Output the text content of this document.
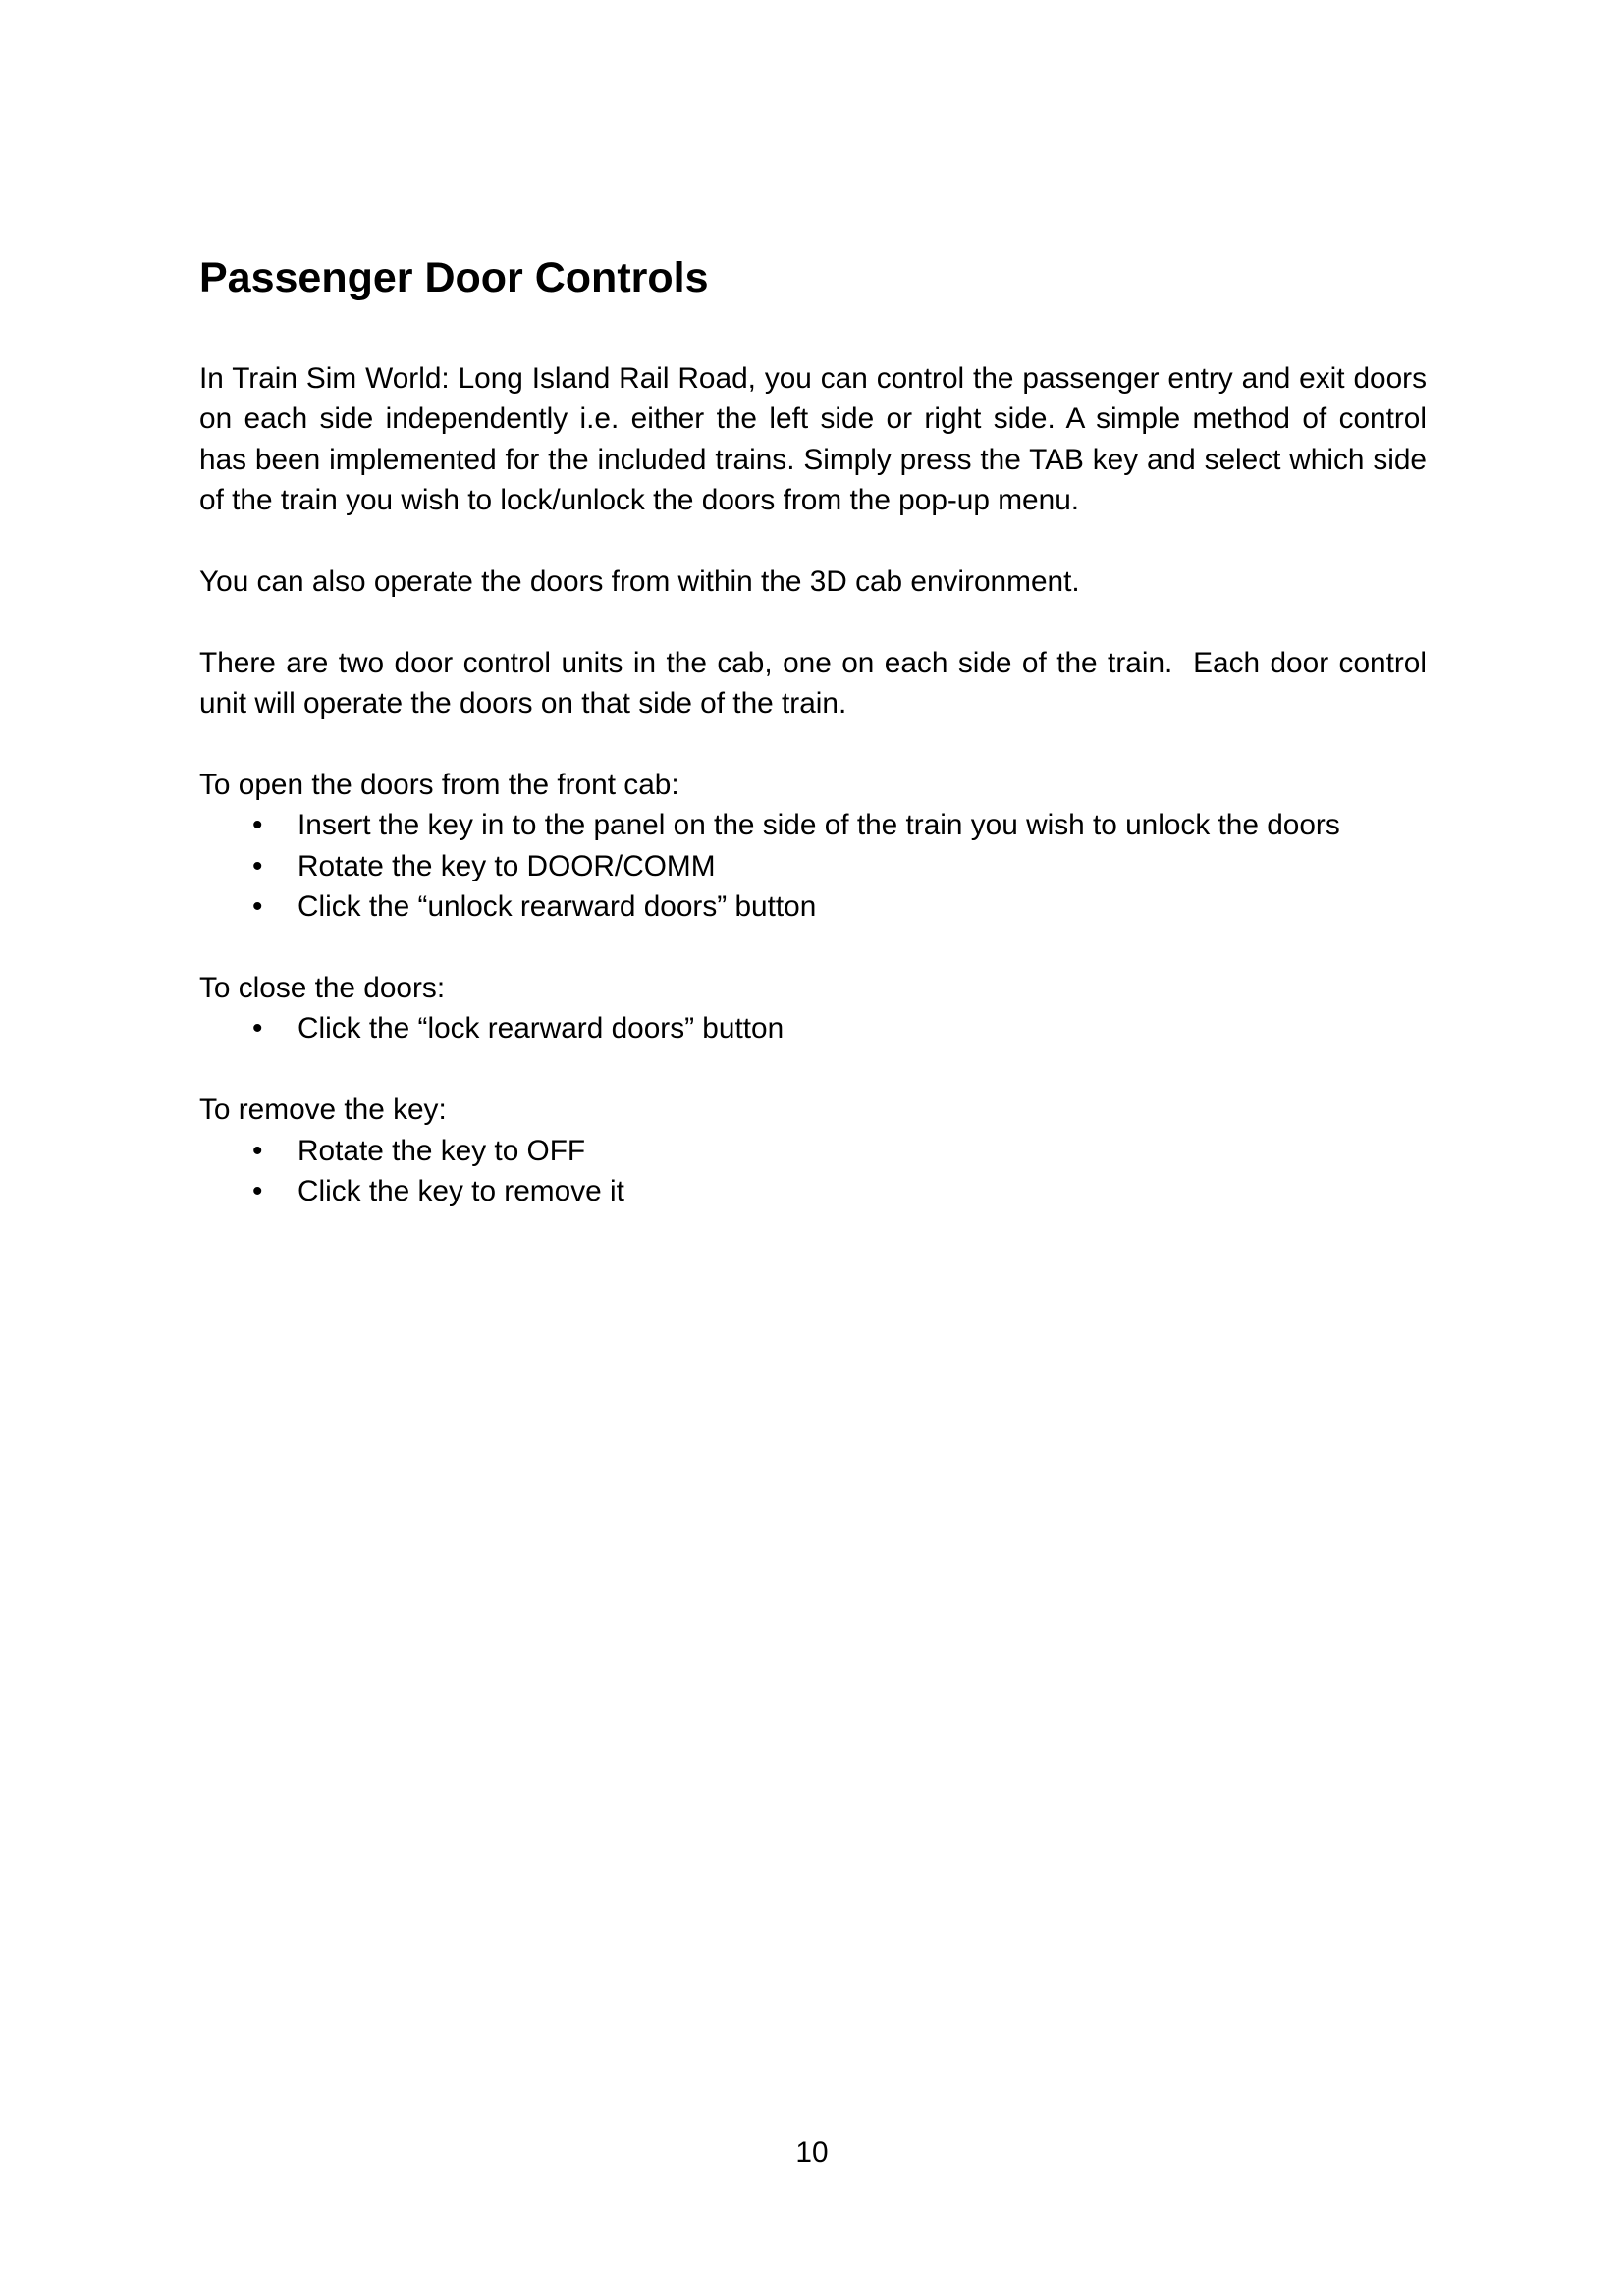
Passenger Door Controls
In Train Sim World: Long Island Rail Road, you can control the passenger entry and exit doors
on each side independently i.e. either the left side or right side. A simple method of control
has been implemented for the included trains. Simply press the TAB key and select which side
of the train you wish to lock/unlock the doors from the pop-up menu.
You can also operate the doors from within the 3D cab environment.
There are two door control units in the cab, one on each side of the train.  Each door control
unit will operate the doors on that side of the train.

To open the doors from the front cab:

• Insert the key in to the panel on the side of the train you wish to unlock the doors
• Rotate the key to DOOR/COMM
• Click the “unlock rearward doors” button

To close the doors:

• Click the “lock rearward doors” button

To remove the key:

• Rotate the key to OFF
• Click the key to remove it
10
